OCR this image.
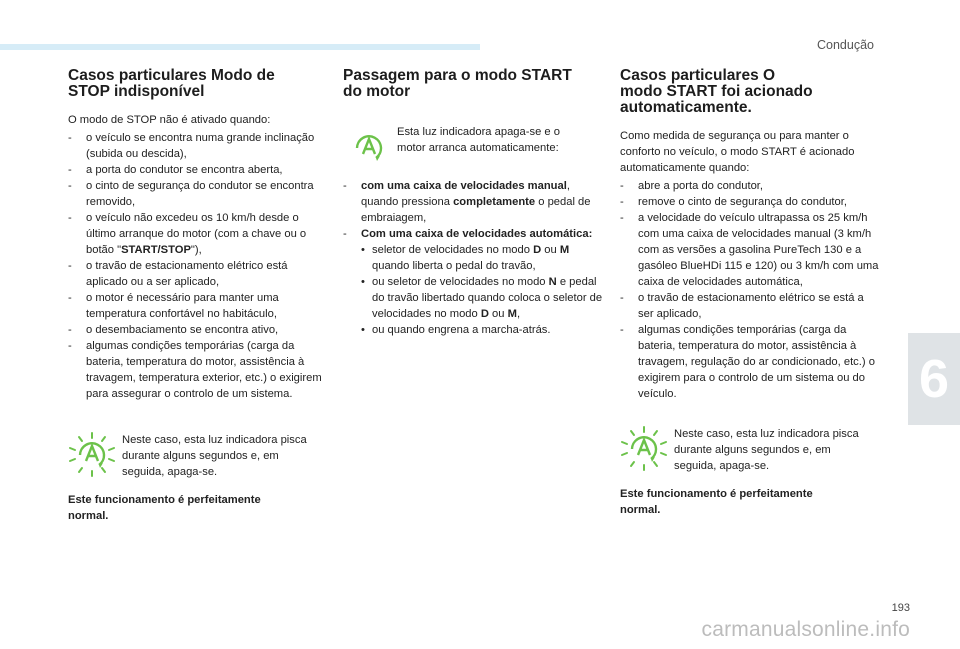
Condução
6
193
carmanualsonline.info
Casos particulares Modo de
STOP indisponível

O modo de STOP não é ativado quando:

- o veículo se encontra numa grande inclinação (subida ou descida),
- a porta do condutor se encontra aberta,
- o cinto de segurança do condutor se encontra removido,
- o veículo não excedeu os 10 km/h desde o último arranque do motor (com a chave ou o botão "START/STOP"),
- o travão de estacionamento elétrico está aplicado ou a ser aplicado,
- o motor é necessário para manter uma temperatura confortável no habitáculo,
- o desembaciamento se encontra ativo,
- algumas condições temporárias (carga da bateria, temperatura do motor, assistência à travagem, temperatura exterior, etc.) o exigirem para assegurar o controlo de um sistema.
Neste caso, esta luz indicadora pisca durante alguns segundos e, em seguida, apaga-se.

Este funcionamento é perfeitamente
normal.

Passagem para o modo START
do motor
Esta luz indicadora apaga-se e o motor arranca automaticamente:
- com uma caixa de velocidades manual, quando pressiona completamente o pedal de embraiagem,
- Com uma caixa de velocidades automática:
• seletor de velocidades no modo D ou M quando liberta o pedal do travão,
• ou seletor de velocidades no modo N e pedal do travão libertado quando coloca o seletor de velocidades no modo D ou M,
• ou quando engrena a marcha-atrás.
Casos particulares O
modo START foi acionado
automaticamente.

Como medida de segurança ou para manter o conforto no veículo, o modo START é acionado automaticamente quando:

- abre a porta do condutor,
- remove o cinto de segurança do condutor,
- a velocidade do veículo ultrapassa os 25 km/h com uma caixa de velocidades manual (3 km/h com as versões a gasolina PureTech 130 e a gasóleo BlueHDi 115 e 120) ou 3 km/h com uma caixa de velocidades automática,
- o travão de estacionamento elétrico se está a ser aplicado,
- algumas condições temporárias (carga da bateria, temperatura do motor, assistência à travagem, regulação do ar condicionado, etc.) o exigirem para o controlo de um sistema ou do veículo.
Neste caso, esta luz indicadora pisca durante alguns segundos e, em seguida, apaga-se.

Este funcionamento é perfeitamente
normal.
